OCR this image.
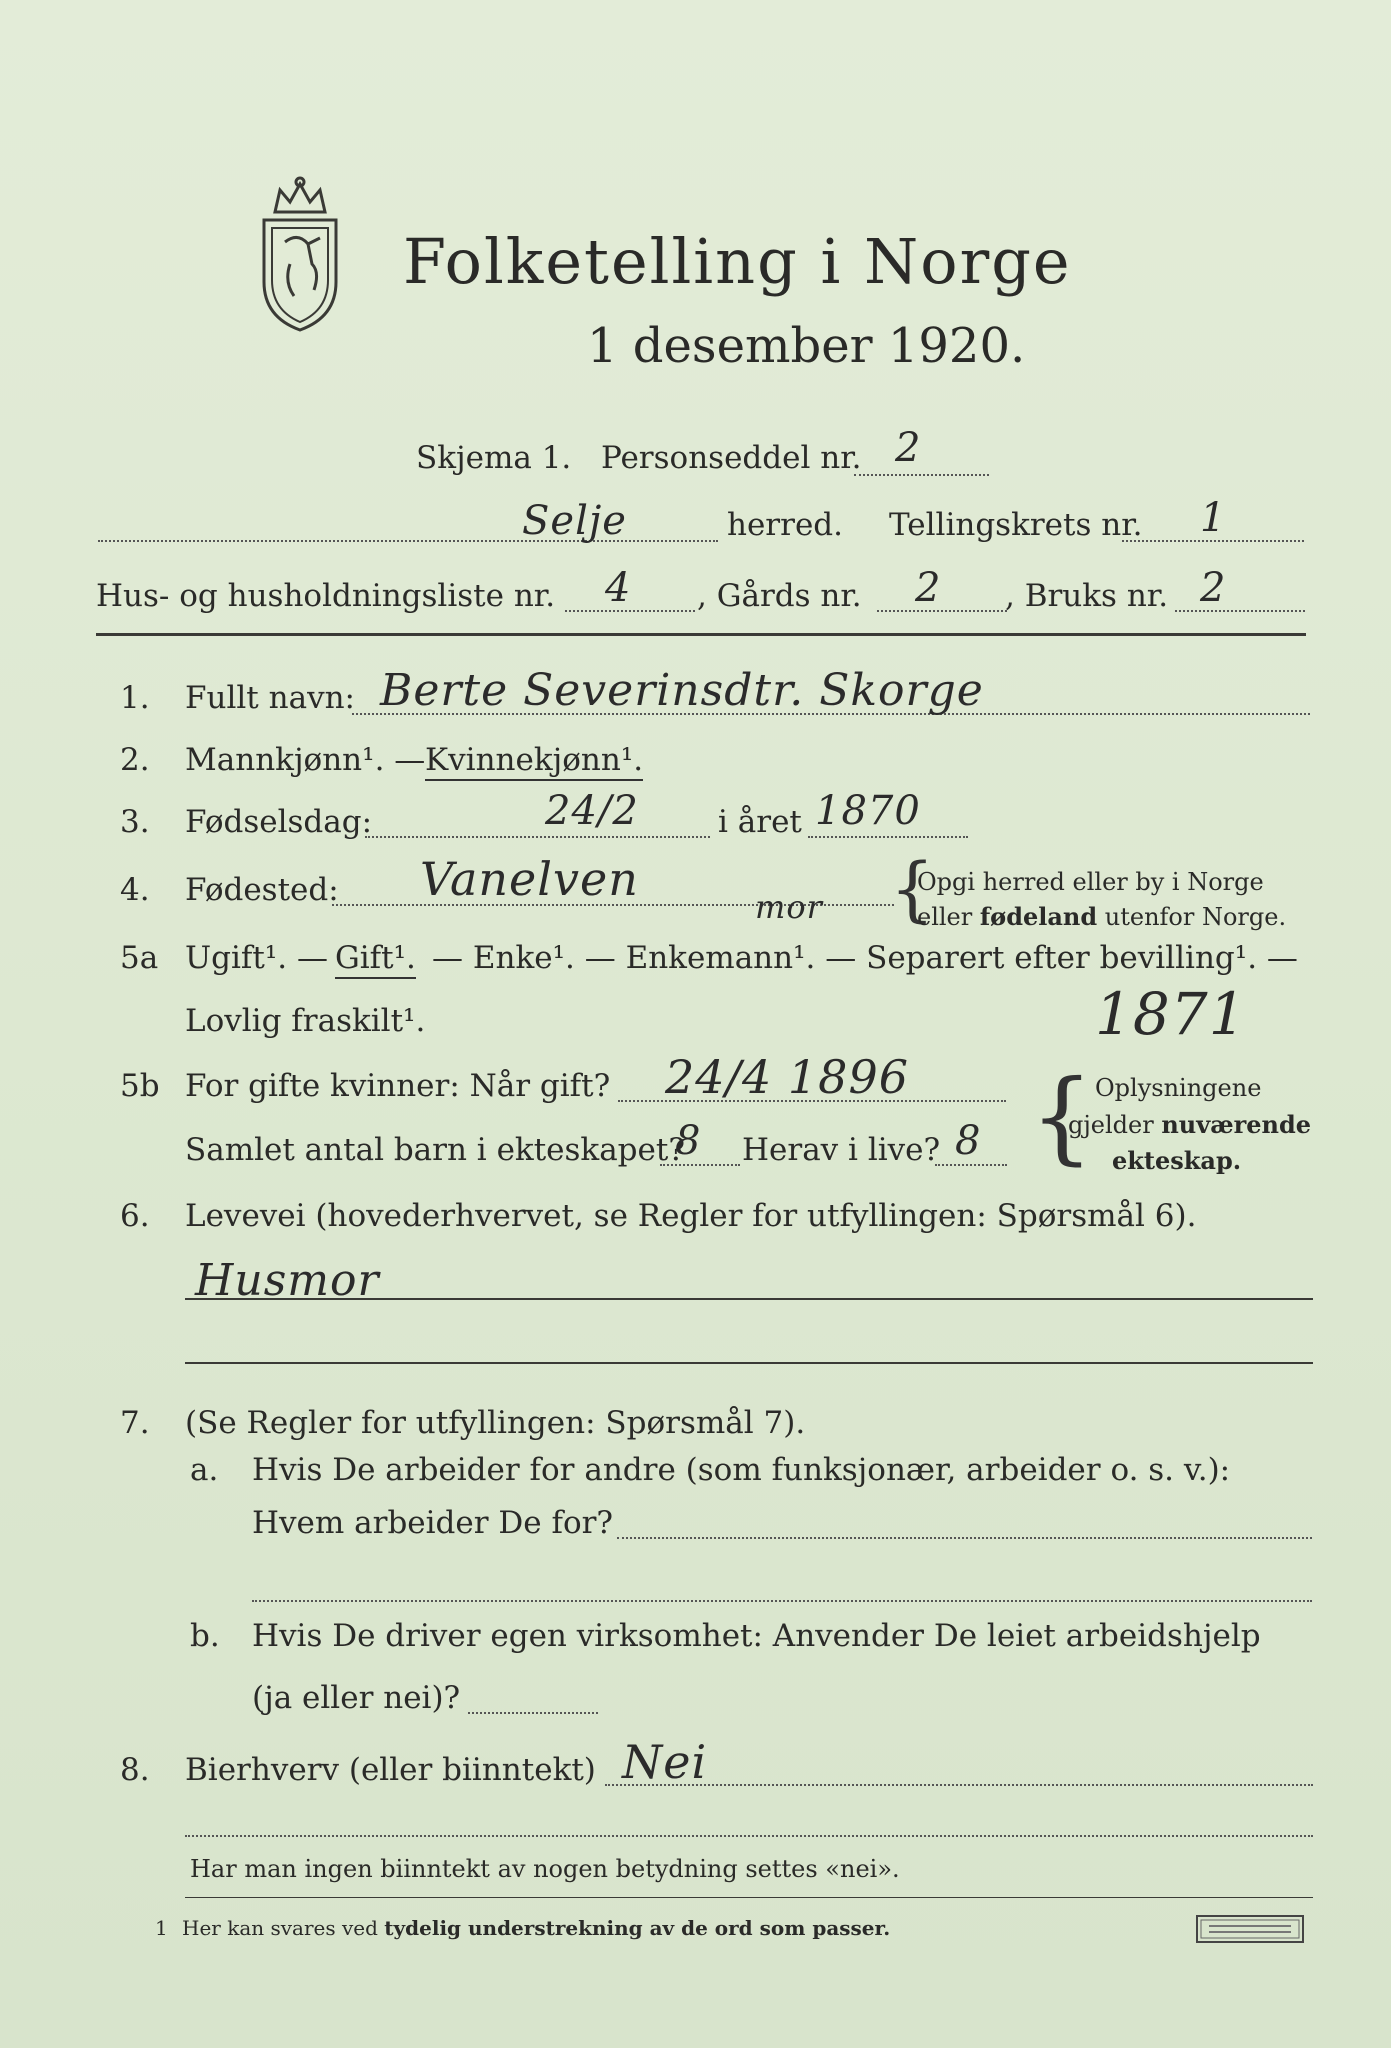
Folketelling i Norge
1 desember 1920.
Skjema 1. Personseddel nr. 2
Selje	herred. Tellingskrets nr. 1
Hus- og husholdningsliste nr. 4 , Gårds nr. 2 , Bruks nr. 2
1. Fullt navn: Berte Severinsdtr. Skorge
2. Mannkjønn¹. — Kvinnekjønn¹.
3. Fødselsdag:	24/2	i året 1870
4. Fødested: Vanelven
mor {
Opgi herred eller by i Norge
eller fødeland utenfor Norge.
5a Ugift¹. — Gift¹. — Enke¹. — Enkemann¹. — Separert efter bevilling¹. —
Lovlig fraskilt¹.	1871
5b For gifte kvinner: Når gift? 24/4 1896
Samlet antal barn i ekteskapet?
8 Herav i live? 8 { Oplysningene
gjelder nuværende
ekteskap.
6. Levevei (hovederhvervet, se Regler for utfyllingen: Spørsmål 6).
Husmor
7. (Se Regler for utfyllingen: Spørsmål 7).
a. Hvis De arbeider for andre (som funksjonær, arbeider o. s. v.):
Hvem arbeider De for?
b. Hvis De driver egen virksomhet: Anvender De leiet arbeidshjelp
(ja eller nei)?
8. Bierhverv (eller biinntekt) Nei
Har man ingen biinntekt av nogen betydning settes «nei».
1 Her kan svares ved tydelig understrekning av de ord som passer.
